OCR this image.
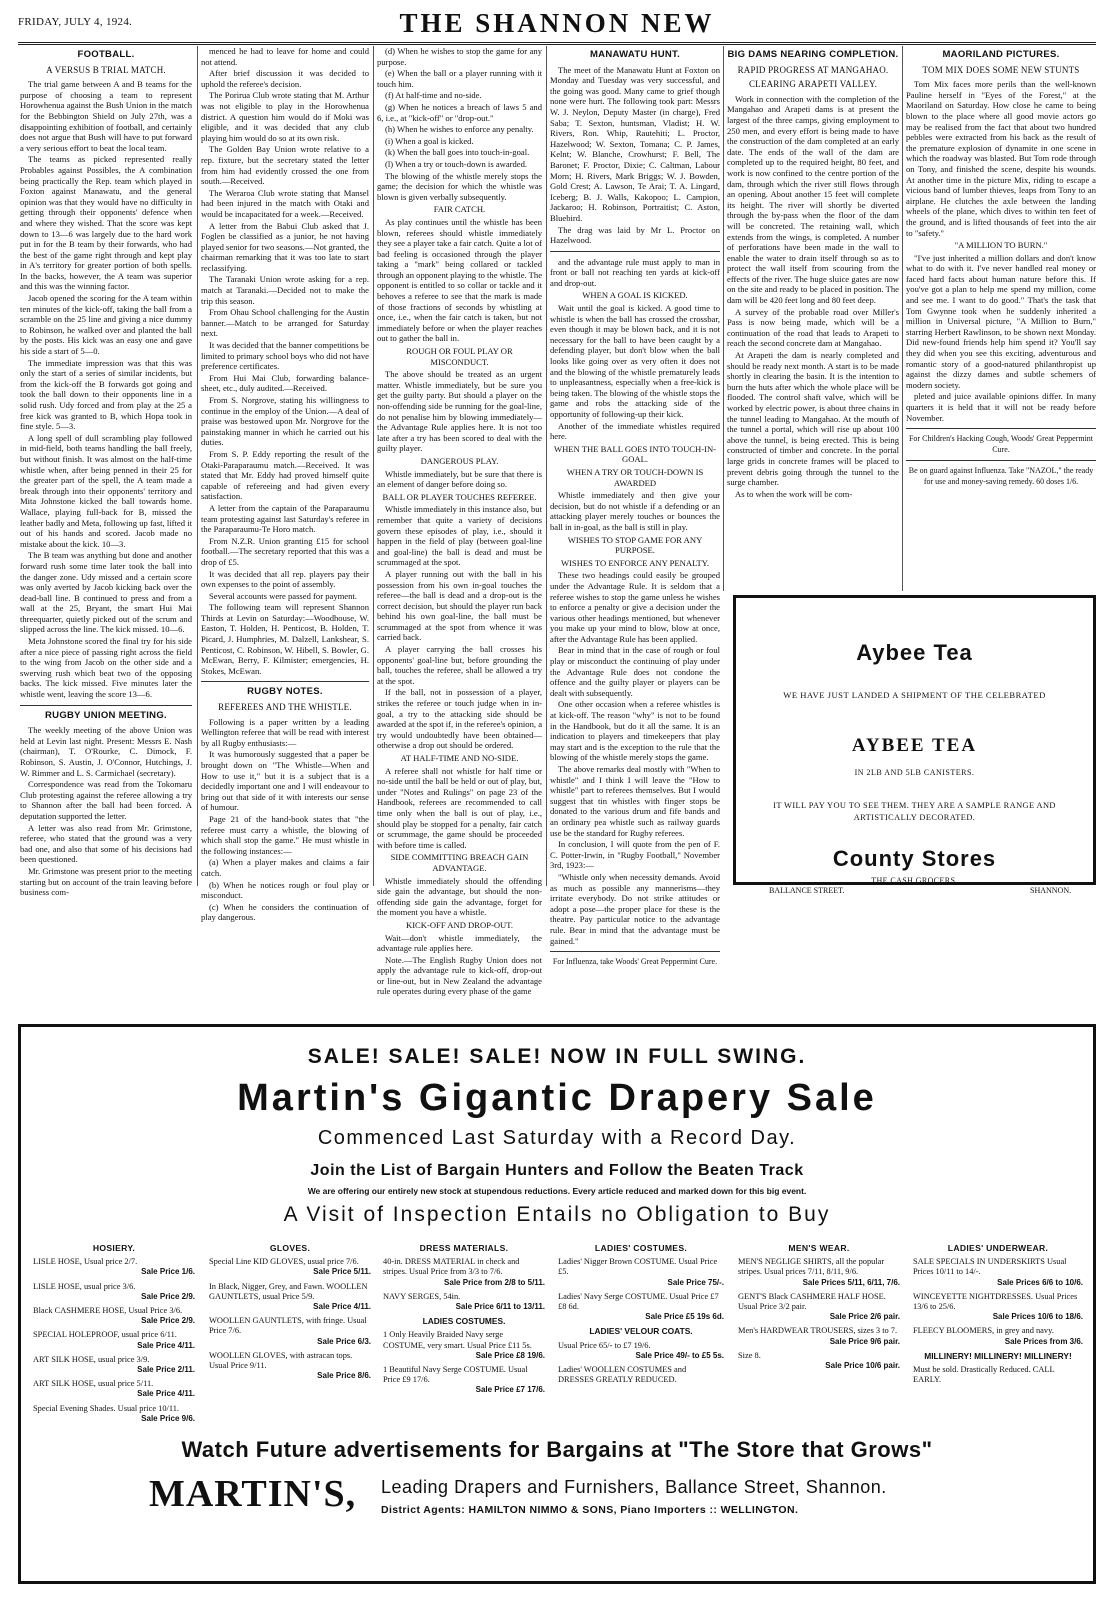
FRIDAY, JULY 4, 1924.	THE SHANNON NEW
FOOTBALL.
A VERSUS B TRIAL MATCH.

The trial game between A and B teams for the purpose of choosing a team to represent Horowhenua against the Bush Union in the match for the Bebbington Shield on July 27th, was a disappointing exhibition of football, and certainly does not argue that Bush will have to put forward a very serious effort to beat the local team.

The teams as picked represented really Probables against Possibles, the A combination being practically the Rep. team which played in Foxton against Manawatu, and the general opinion was that they would have no difficulty in getting through their opponents' defence when and where they wished. That the score was kept down to 13—6 was largely due to the hard work put in for the B team by their forwards, who had the best of the game right through and kept play in A's territory for greater portion of both spells. In the backs, however, the A team was superior and this was the winning factor.

Jacob opened the scoring for the A team within ten minutes of the kick-off, taking the ball from a scramble on the 25 line and giving a nice dummy to Robinson, he walked over and planted the ball by the posts. His kick was an easy one and gave his side a start of 5—0.

The immediate impression was that this was only the start of a series of similar incidents, but from the kick-off the B forwards got going and took the ball down to their opponents line in a solid rush. Udy forced and from play at the 25 a free kick was granted to B, which Hopa took in fine style. 5—3.

A long spell of dull scrambling play followed in mid-field, both teams handling the ball freely, but without finish. It was almost on the half-time whistle when, after being penned in their 25 for the greater part of the spell, the A team made a break through into their opponents' territory and Mita Johnstone kicked the ball towards home. Wallace, playing full-back for B, missed the leather badly and Meta, following up fast, lifted it out of his hands and scored. Jacob made no mistake about the kick. 10—3.

The B team was anything but done and another forward rush some time later took the ball into the danger zone. Udy missed and a certain score was only averted by Jacob kicking back over the dead-ball line. B continued to press and from a wall at the 25, Bryant, the smart Hui Mai threequarter, quietly picked out of the scrum and slipped across the line. The kick missed. 10—6.

Meta Johnstone scored the final try for his side after a nice piece of passing right across the field to the wing from Jacob on the other side and a swerving rush which beat two of the opposing backs. The kick missed. Five minutes later the whistle went, leaving the score 13—6.

RUGBY UNION MEETING.

The weekly meeting of the above Union was held at Levin last night. Present: Messrs E. Nash (chairman), T. O'Rourke, C. Dimock, F. Robinson, S. Austin, J. O'Connor, Hutchings, J. W. Rimmer and L. S. Carmichael (secretary).

Correspondence was read from the Tokomaru Club protesting against the referee allowing a try to Shannon after the ball had been forced. A deputation supported the letter.

A letter was also read from Mr. Grimstone, referee, who stated that the ground was a very bad one, and also that some of his decisions had been questioned.

Mr. Grimstone was present prior to the meeting starting but on account of the train leaving before business com-

menced he had to leave for home and could not attend.

After brief discussion it was decided to uphold the referee's decision.

The Porirua Club wrote stating that M. Arthur was not eligible to play in the Horowhenua district. A question him would do if Moki was eligible, and it was decided that any club playing him would do so at its own risk.

The Golden Bay Union wrote relative to a rep. fixture, but the secretary stated the letter from him had evidently crossed the one from south.—Received.

The Weraroa Club wrote stating that Mansel had been injured in the match with Otaki and would be incapacitated for a week.—Received.

A letter from the Babui Club asked that J. Foglen be classified as a junior, he not having played senior for two seasons.—Not granted, the chairman remarking that it was too late to start reclassifying.

The Taranaki Union wrote asking for a rep. match at Taranaki.—Decided not to make the trip this season.

From Ohau School challenging for the Austin banner.—Match to be arranged for Saturday next.

It was decided that the banner competitions be limited to primary school boys who did not have preference certificates.

From Hui Mai Club, forwarding balance-sheet, etc., duly audited.—Received.

From S. Norgrove, stating his willingness to continue in the employ of the Union.—A deal of praise was bestowed upon Mr. Norgrove for the painstaking manner in which he carried out his duties.

From S. P. Eddy reporting the result of the Otaki-Paraparaumu match.—Received. It was stated that Mr. Eddy had proved himself quite capable of refereeing and had given every satisfaction.

A letter from the captain of the Paraparaumu team protesting against last Saturday's referee in the Paraparaumu-Te Horo match.

From N.Z.R. Union granting £15 for school football.—The secretary reported that this was a drop of £5.

It was decided that all rep. players pay their own expenses to the point of assembly.

Several accounts were passed for payment.

The following team will represent Shannon Thirds at Levin on Saturday:—Woodhouse, W. Easton, T. Holden, H. Penticost, B. Holden, T. Picard, J. Humphries, M. Dalzell, Lankshear, S. Penticost, C. Robinson, W. Hibell, S. Bowler, G. McEwan, Berry, F. Kilmister; emergencies, H. Stokes, McEwan.

RUGBY NOTES.
REFEREES AND THE WHISTLE.

Following is a paper written by a leading Wellington referee that will be read with interest by all Rugby enthusiasts:—

It was humorously suggested that a paper be brought down on "The Whistle—When and How to use it," but it is a subject that is a decidedly important one and I will endeavour to bring out that side of it with interests our sense of humour.

Page 21 of the hand-book states that "the referee must carry a whistle, the blowing of which shall stop the game." He must whistle in the following instances:—

(a) When a player makes and claims a fair catch.

(b) When he notices rough or foul play or misconduct.

(c) When he considers the continuation of play dangerous.

(d) When he wishes to stop the game for any purpose.

(e) When the ball or a player running with it touch him.

(f) At half-time and no-side.

(g) When he notices a breach of laws 5 and 6, i.e., at "kick-off" or "drop-out."

(h) When he wishes to enforce any penalty.

(i) When a goal is kicked.

(k) When the ball goes into touch-in-goal.

(l) When a try or touch-down is awarded.

The blowing of the whistle merely stops the game; the decision for which the whistle was blown is given verbally subsequently.

FAIR CATCH.

As play continues until the whistle has been blown, referees should whistle immediately they see a player take a fair catch. Quite a lot of bad feeling is occasioned through the player taking a "mark" being collared or tackled through an opponent playing to the whistle. The opponent is entitled to so collar or tackle and it behoves a referee to see that the mark is made of those fractions of seconds by whistling at once, i.e., when the fair catch is taken, but not immediately before or when the player reaches out to gather the ball in.

ROUGH OR FOUL PLAY OR MISCONDUCT.

The above should be treated as an urgent matter. Whistle immediately, but be sure you get the guilty party. But should a player on the non-offending side be running for the goal-line, do not penalise him by blowing immediately—the Advantage Rule applies here. It is not too late after a try has been scored to deal with the guilty player.

DANGEROUS PLAY.

Whistle immediately, but be sure that there is an element of danger before doing so.

BALL OR PLAYER TOUCHES REFEREE.

Whistle immediately in this instance also, but remember that quite a variety of decisions govern these episodes of play, i.e., should it happen in the field of play (between goal-line and goal-line) the ball is dead and must be scrummaged at the spot.

A player running out with the ball in his possession from his own in-goal touches the referee—the ball is dead and a drop-out is the correct decision, but should the player run back behind his own goal-line, the ball must be scrummaged at the spot from whence it was carried back.

A player carrying the ball crosses his opponents' goal-line but, before grounding the ball, touches the referee, shall be allowed a try at the spot.

If the ball, not in possession of a player, strikes the referee or touch judge when in in-goal, a try to the attacking side should be awarded at the spot if, in the referee's opinion, a try would undoubtedly have been obtained—otherwise a drop out should be ordered.

AT HALF-TIME AND NO-SIDE.

A referee shall not whistle for half time or no-side until the ball be held or out of play, but, under "Notes and Rulings" on page 23 of the Handbook, referees are recommended to call time only when the ball is out of play, i.e., should play be stopped for a penalty, fair catch or scrummage, the game should be proceeded with before time is called.

SIDE COMMITTING BREACH GAIN ADVANTAGE.

Whistle immediately should the offending side gain the advantage, but should the non-offending side gain the advantage, forget for the moment you have a whistle.

KICK-OFF AND DROP-OUT.

Wait—don't whistle immediately, the advantage rule applies here.

Note.—The English Rugby Union does not apply the advantage rule to kick-off, drop-out or line-out, but in New Zealand the advantage rule operates during every phase of the game

MANAWATU HUNT.

The meet of the Manawatu Hunt at Foxton on Monday and Tuesday was very successful, and the going was good. Many came to grief though none were hurt. The following took part: Messrs W. J. Neylon, Deputy Master (in charge), Fred Saba; T. Sexton, huntsman, Vladist; H. W. Rivers, Ron. Whip, Rautehiti; L. Proctor, Hazelwood; W. Sexton, Tomana; C. P. James, Kelnt; W. Blanche, Crowhurst; F. Bell, The Baronet; F. Proctor, Dixie; C. Caltman, Labour Morn; H. Rivers, Mark Briggs; W. J. Bowden, Gold Crest; A. Lawson, Te Arai; T. A. Lingard, Iceberg; B. J. Walls, Kakopoo; L. Campion, Jackaroo; H. Robinson, Portraitist; C. Aston, Bluebird.

The drag was laid by Mr L. Proctor on Hazelwood.

and the advantage rule must apply to man in front or ball not reaching ten yards at kick-off and drop-out.

WHEN A GOAL IS KICKED.

Wait until the goal is kicked. A good time to whistle is when the ball has crossed the crossbar, even though it may be blown back, and it is not necessary for the ball to have been caught by a defending player, but don't blow when the ball looks like going over as very often it does not and the blowing of the whistle prematurely leads to unpleasantness, especially when a free-kick is being taken. The blowing of the whistle stops the game and robs the attacking side of the opportunity of following-up their kick.

Another of the immediate whistles required here.

WHEN THE BALL GOES INTO TOUCH-IN-GOAL.
WHEN A TRY OR TOUCH-DOWN IS AWARDED

Whistle immediately and then give your decision, but do not whistle if a defending or an attacking player merely touches or bounces the ball in in-goal, as the ball is still in play.

WISHES TO STOP GAME FOR ANY PURPOSE.
WISHES TO ENFORCE ANY PENALTY.

These two headings could easily be grouped under the Advantage Rule. It is seldom that a referee wishes to stop the game unless he wishes to enforce a penalty or give a decision under the various other headings mentioned, but whenever you make up your mind to blow, blow at once, after the Advantage Rule has been applied.

Bear in mind that in the case of rough or foul play or misconduct the continuing of play under the Advantage Rule does not condone the offence and the guilty player or players can be dealt with subsequently.

One other occasion when a referee whistles is at kick-off. The reason "why" is not to be found in the Handbook, but do it all the same. It is an indication to players and timekeepers that play may start and is the exception to the rule that the blowing of the whistle merely stops the game.

The above remarks deal mostly with "When to whistle" and I think I will leave the "How to whistle" part to referees themselves. But I would suggest that tin whistles with finger stops be donated to the various drum and fife bands and an ordinary pea whistle such as railway guards use be the standard for Rugby referees.

In conclusion, I will quote from the pen of F. C. Potter-Irwin, in "Rugby Football," November 3rd, 1923:—

"Whistle only when necessity demands. Avoid as much as possible any mannerisms—they irritate everybody. Do not strike attitudes or adopt a pose—the proper place for these is the theatre. Pay particular notice to the advantage rule. Bear in mind that the advantage must be gained."

For Influenza, take Woods' Great Peppermint Cure.
BIG DAMS NEARING COMPLETION.
RAPID PROGRESS AT MANGAHAO.
CLEARING ARAPETI VALLEY.

Work in connection with the completion of the Mangahao and Arapeti dams is at present the largest of the three camps, giving employment to 250 men, and every effort is being made to have the construction of the dam completed at an early date. The ends of the wall of the dam are completed up to the required height, 80 feet, and work is now confined to the centre portion of the dam, through which the river still flows through an opening. About another 15 feet will complete its height. The river will shortly be diverted through the by-pass when the floor of the dam will be concreted. The retaining wall, which extends from the wings, is completed. A number of perforations have been made in the wall to enable the water to drain itself through so as to protect the wall itself from scouring from the effects of the river. The huge sluice gates are now on the site and ready to be placed in position. The dam will be 420 feet long and 80 feet deep.

A survey of the probable road over Miller's Pass is now being made, which will be a continuation of the road that leads to Arapeti to reach the second concrete dam at Mangahao.

At Arapeti the dam is nearly completed and should be ready next month. A start is to be made shortly in clearing the basin. It is the intention to burn the huts after which the whole place will be flooded. The control shaft valve, which will be worked by electric power, is about three chains in the tunnel leading to Mangahao. At the mouth of the tunnel a portal, which will rise up about 100 above the tunnel, is being erected. This is being constructed of timber and concrete. In the portal large grids in concrete frames will be placed to prevent debris going through the tunnel to the surge chamber.

As to when the work will be com-

MAORILAND PICTURES.
TOM MIX DOES SOME NEW STUNTS

Tom Mix faces more perils than the well-known Pauline herself in "Eyes of the Forest," at the Maoriland on Saturday. How close he came to being blown to the place where all good movie actors go may be realised from the fact that about two hundred pebbles were extracted from his back as the result of the premature explosion of dynamite in one scene in which the roadway was blasted. But Tom rode through on Tony, and finished the scene, despite his wounds. At another time in the picture Mix, riding to escape a vicious band of lumber thieves, leaps from Tony to an airplane. He clutches the axle between the landing wheels of the plane, which dives to within ten feet of the ground, and is lifted thousands of feet into the air to "safety."

"A MILLION TO BURN."

"I've just inherited a million dollars and don't know what to do with it. I've never handled real money or faced hard facts about human nature before this. If you've got a plan to help me spend my million, come and see me. I want to do good." That's the task that Tom Gwynne took when he suddenly inherited a million in Universal picture, "A Million to Burn," starring Herbert Rawlinson, to be shown next Monday. Did new-found friends help him spend it? You'll say they did when you see this exciting, adventurous and romantic story of a good-natured philanthropist up against the dizzy dames and subtle schemers of modern society.

pleted and juice available opinions differ. In many quarters it is held that it will not be ready before November.

For Children's Hacking Cough, Woods' Great Peppermint Cure.
Be on guard against Influenza. Take "NAZOL," the ready for use and money-saving remedy. 60 doses 1/6.
Aybee Tea
WE HAVE JUST LANDED A SHIPMENT OF THE CELEBRATED
AYBEE TEA
IN 2LB AND 5LB CANISTERS.
IT WILL PAY YOU TO SEE THEM. THEY ARE A SAMPLE RANGE AND ARTISTICALLY DECORATED.
County Stores
THE CASH GROCERS.
BALLANCE STREET.	SHANNON.
SALE! SALE! SALE! NOW IN FULL SWING.
Martin's Gigantic Drapery Sale
Commenced Last Saturday with a Record Day.
Join the List of Bargain Hunters and Follow the Beaten Track
We are offering our entirely new stock at stupendous reductions. Every article reduced and marked down for this big event.
A Visit of Inspection Entails no Obligation to Buy
HOSIERY.
LISLE HOSE, Usual price 2/7.
Sale Price 1/6.
LISLE HOSE, usual price 3/6.
Sale Price 2/9.
Black CASHMERE HOSE, Usual Price 3/6.
Sale Price 2/9.
SPECIAL HOLEPROOF, usual price 6/11.
Sale Price 4/11.
ART SILK HOSE, usual price 3/9.
Sale Price 2/11.
ART SILK HOSE, usual price 5/11.
Sale Price 4/11.
Special Evening Shades. Usual price 10/11.
Sale Price 9/6.
GLOVES.
Special Line KID GLOVES, usual price 7/6.
Sale Price 5/11.
In Black, Nigger, Grey, and Fawn. WOOLLEN GAUNTLETS, usual Price 5/9.
Sale Price 4/11.
WOOLLEN GAUNTLETS, with fringe. Usual Price 7/6.
Sale Price 6/3.
WOOLLEN GLOVES, with astracan tops. Usual Price 9/11.
Sale Price 8/6.
DRESS MATERIALS.
40-in. DRESS MATERIAL in check and stripes. Usual Price from 3/3 to 7/6.
Sale Price from 2/8 to 5/11.
NAVY SERGES, 54in.
Sale Price 6/11 to 13/11.
LADIES COSTUMES.
1 Only Heavily Braided Navy serge COSTUME, very smart. Usual Price £11 5s.
Sale Price £8 19/6.
1 Beautiful Navy Serge COSTUME. Usual Price £9 17/6.
Sale Price £7 17/6.
LADIES' COSTUMES.
Ladies' Nigger Brown COSTUME. Usual Price £5.
Sale Price 75/-.
Ladies' Navy Serge COSTUME. Usual Price £7 £8 6d.
Sale Price £5 19s 6d.
LADIES' VELOUR COATS.
Usual Price 65/- to £7 19/6.
Sale Price 49/- to £5 5s.
Ladies' WOOLLEN COSTUMES and DRESSES GREATLY REDUCED.
MEN'S WEAR.
MEN'S NEGLIGE SHIRTS, all the popular stripes. Usual prices 7/11, 8/11, 9/6.
Sale Prices 5/11, 6/11, 7/6.
GENT'S Black CASHMERE HALF HOSE. Usual Price 3/2 pair.
Sale Price 2/6 pair.
Men's HARDWEAR TROUSERS, sizes 3 to 7.
Sale Price 9/6 pair.
Size 8.
Sale Price 10/6 pair.
LADIES' UNDERWEAR.
SALE SPECIALS IN UNDERSKIRTS Usual Prices 10/11 to 14/-.
Sale Prices 6/6 to 10/6.
WINCEYETTE NIGHTDRESSES. Usual Prices 13/6 to 25/6.
Sale Prices 10/6 to 18/6.
FLEECY BLOOMERS, in grey and navy.
Sale Prices from 3/6.
MILLINERY! MILLINERY! MILLINERY!
Must be sold. Drastically Reduced. CALL EARLY.
Watch Future advertisements for Bargains at "The Store that Grows"
MARTIN'S, Leading Drapers and Furnishers, Ballance Street, Shannon.
District Agents: HAMILTON NIMMO & SONS, Piano Importers :: WELLINGTON.
